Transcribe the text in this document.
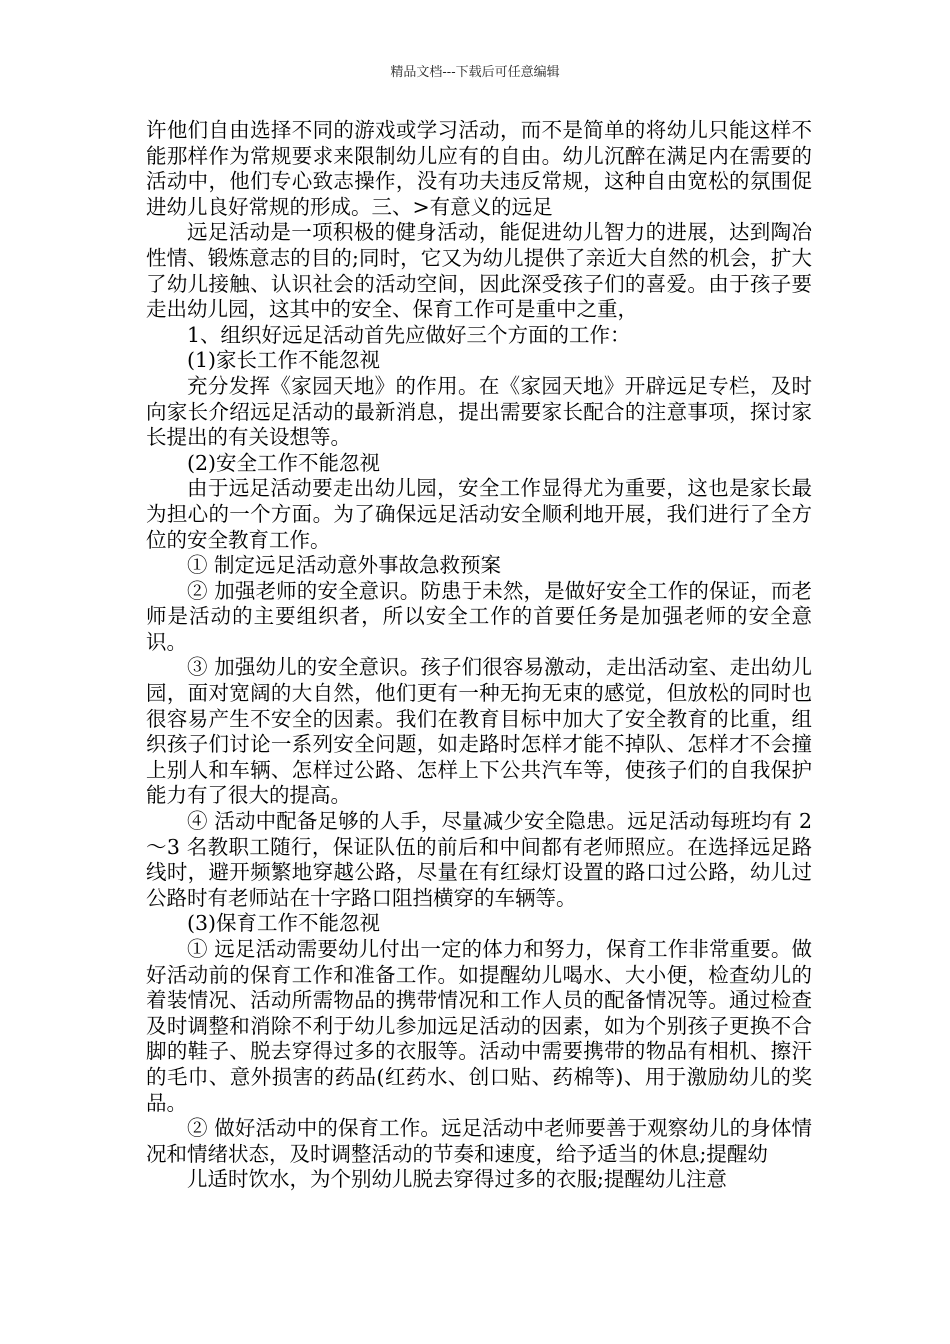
精品文档---下载后可任意编辑

许他们自由选择不同的游戏或学习活动，而不是简单的将幼儿只能这样不能那样作为常规要求来限制幼儿应有的自由。幼儿沉醉在满足内在需要的活动中，他们专心致志操作，没有功夫违反常规，这种自由宽松的氛围促进幼儿良好常规的形成。三、>有意义的远足

远足活动是一项积极的健身活动，能促进幼儿智力的进展，达到陶冶性情、锻炼意志的目的;同时，它又为幼儿提供了亲近大自然的机会，扩大了幼儿接触、认识社会的活动空间，因此深受孩子们的喜爱。由于孩子要走出幼儿园，这其中的安全、保育工作可是重中之重，

1、组织好远足活动首先应做好三个方面的工作：

(1)家长工作不能忽视

充分发挥《家园天地》的作用。在《家园天地》开辟远足专栏，及时向家长介绍远足活动的最新消息，提出需要家长配合的注意事项，探讨家长提出的有关设想等。

(2)安全工作不能忽视

由于远足活动要走出幼儿园，安全工作显得尤为重要，这也是家长最为担心的一个方面。为了确保远足活动安全顺利地开展，我们进行了全方位的安全教育工作。

① 制定远足活动意外事故急救预案

② 加强老师的安全意识。防患于未然，是做好安全工作的保证，而老师是活动的主要组织者，所以安全工作的首要任务是加强老师的安全意识。

③ 加强幼儿的安全意识。孩子们很容易激动，走出活动室、走出幼儿园，面对宽阔的大自然，他们更有一种无拘无束的感觉，但放松的同时也很容易产生不安全的因素。我们在教育目标中加大了安全教育的比重，组织孩子们讨论一系列安全问题，如走路时怎样才能不掉队、怎样才不会撞上别人和车辆、怎样过公路、怎样上下公共汽车等，使孩子们的自我保护能力有了很大的提高。

④ 活动中配备足够的人手，尽量减少安全隐患。远足活动每班均有 2～3 名教职工随行，保证队伍的前后和中间都有老师照应。在选择远足路线时，避开频繁地穿越公路，尽量在有红绿灯设置的路口过公路，幼儿过公路时有老师站在十字路口阻挡横穿的车辆等。

(3)保育工作不能忽视

① 远足活动需要幼儿付出一定的体力和努力，保育工作非常重要。做好活动前的保育工作和准备工作。如提醒幼儿喝水、大小便，检查幼儿的着装情况、活动所需物品的携带情况和工作人员的配备情况等。通过检查及时调整和消除不利于幼儿参加远足活动的因素，如为个别孩子更换不合脚的鞋子、脱去穿得过多的衣服等。活动中需要携带的物品有相机、擦汗的毛巾、意外损害的药品(红药水、创口贴、药棉等)、用于激励幼儿的奖品。

② 做好活动中的保育工作。远足活动中老师要善于观察幼儿的身体情况和情绪状态，及时调整活动的节奏和速度，给予适当的休息;提醒幼

儿适时饮水，为个别幼儿脱去穿得过多的衣服;提醒幼儿注意
